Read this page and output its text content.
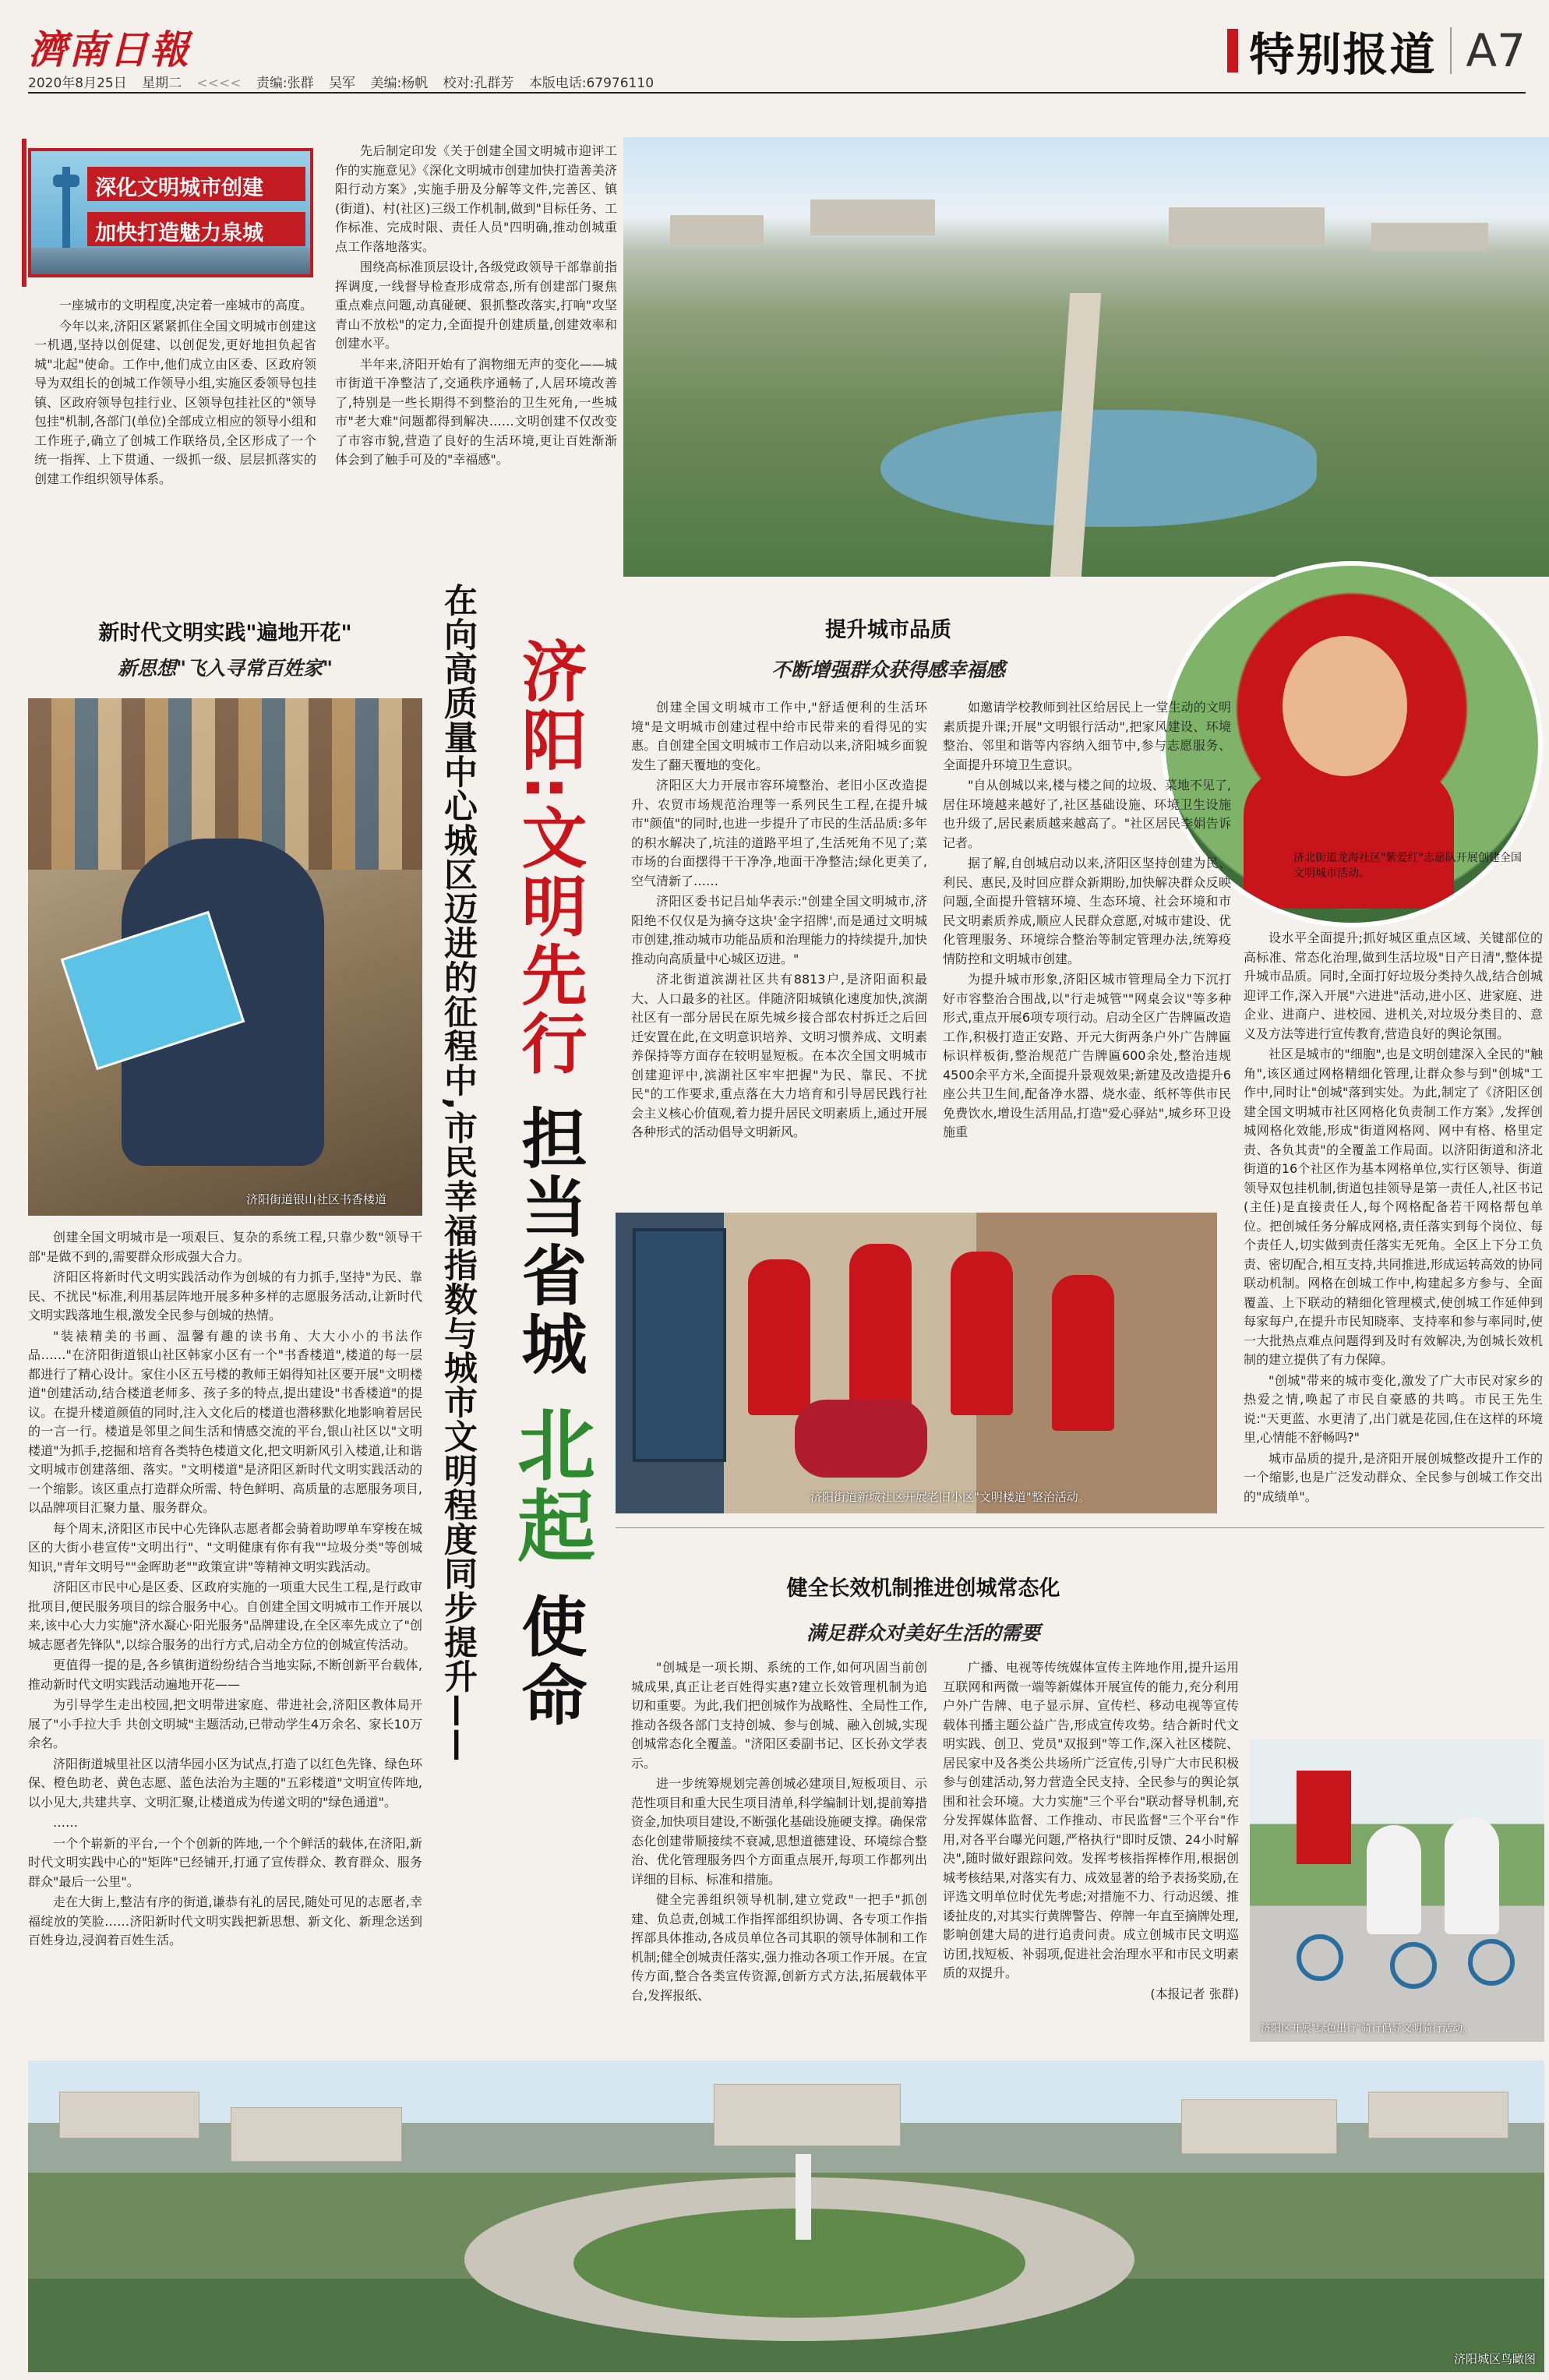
濟南日報
2020年8月25日 星期二 <<<< 责编:张群 吴军 美编:杨帆 校对:孔群芳 本版电话:67976110
特别报道 A7
深化文明城市创建
加快打造魅力泉城

一座城市的文明程度,决定着一座城市的高度。

今年以来,济阳区紧紧抓住全国文明城市创建这一机遇,坚持以创促建、以创促发,更好地担负起省城"北起"使命。工作中,他们成立由区委、区政府领导为双组长的创城工作领导小组,实施区委领导包挂镇、区政府领导包挂行业、区领导包挂社区的"领导包挂"机制,各部门(单位)全部成立相应的领导小组和工作班子,确立了创城工作联络员,全区形成了一个统一指挥、上下贯通、一级抓一级、层层抓落实的创建工作组织领导体系。

先后制定印发《关于创建全国文明城市迎评工作的实施意见》《深化文明城市创建加快打造善美济阳行动方案》,实施手册及分解等文件,完善区、镇(街道)、村(社区)三级工作机制,做到"目标任务、工作标准、完成时限、责任人员"四明确,推动创城重点工作落地落实。

围绕高标准顶层设计,各级党政领导干部靠前指挥调度,一线督导检查形成常态,所有创建部门聚焦重点难点问题,动真碰硬、狠抓整改落实,打响"攻坚青山不放松"的定力,全面提升创建质量,创建效率和创建水平。

半年来,济阳开始有了润物细无声的变化——城市街道干净整洁了,交通秩序通畅了,人居环境改善了,特别是一些长期得不到整治的卫生死角,一些城市"老大难"问题都得到解决……文明创建不仅改变了市容市貌,营造了良好的生活环境,更让百姓渐渐体会到了触手可及的"幸福感"。

在向高质量中心城区迈进的征程中,市民幸福指数与城市文明程度同步提升—— 济阳:文明先行 担当省城 北起 使命
新时代文明实践"遍地开花"
新思想"飞入寻常百姓家"
济阳街道银山社区书香楼道

创建全国文明城市是一项艰巨、复杂的系统工程,只靠少数"领导干部"是做不到的,需要群众形成强大合力。

济阳区将新时代文明实践活动作为创城的有力抓手,坚持"为民、靠民、不扰民"标准,利用基层阵地开展多种多样的志愿服务活动,让新时代文明实践落地生根,激发全民参与创城的热情。

"装裱精美的书画、温馨有趣的读书角、大大小小的书法作品……"在济阳街道银山社区韩家小区有一个"书香楼道",楼道的每一层都进行了精心设计。家住小区五号楼的教师王娟得知社区要开展"文明楼道"创建活动,结合楼道老师多、孩子多的特点,提出建设"书香楼道"的提议。在提升楼道颜值的同时,注入文化后的楼道也潜移默化地影响着居民的一言一行。楼道是邻里之间生活和情感交流的平台,银山社区以"文明楼道"为抓手,挖掘和培育各类特色楼道文化,把文明新风引入楼道,让和谐文明城市创建落细、落实。"文明楼道"是济阳区新时代文明实践活动的一个缩影。该区重点打造群众所需、特色鲜明、高质量的志愿服务项目,以品牌项目汇聚力量、服务群众。

每个周末,济阳区市民中心先锋队志愿者都会骑着助啰单车穿梭在城区的大街小巷宣传"文明出行"、"文明健康有你有我""垃圾分类"等创城知识,"青年文明号""金晖助老""政策宣讲"等精神文明实践活动。

济阳区市民中心是区委、区政府实施的一项重大民生工程,是行政审批项目,便民服务项目的综合服务中心。自创建全国文明城市工作开展以来,该中心大力实施"济水凝心·阳光服务"品牌建设,在全区率先成立了"创城志愿者先锋队",以综合服务的出行方式,启动全方位的创城宣传活动。

更值得一提的是,各乡镇街道纷纷结合当地实际,不断创新平台载体,推动新时代文明实践活动遍地开花——

为引导学生走出校园,把文明带进家庭、带进社会,济阳区教体局开展了"小手拉大手 共创文明城"主题活动,已带动学生4万余名、家长10万余名。

济阳街道城里社区以清华园小区为试点,打造了以红色先锋、绿色环保、橙色助老、黄色志愿、蓝色法治为主题的"五彩楼道"文明宣传阵地,以小见大,共建共享、文明汇聚,让楼道成为传递文明的"绿色通道"。

……

一个个崭新的平台,一个个创新的阵地,一个个鲜活的载体,在济阳,新时代文明实践中心的"矩阵"已经铺开,打通了宣传群众、教育群众、服务群众"最后一公里"。

走在大街上,整洁有序的街道,谦恭有礼的居民,随处可见的志愿者,幸福绽放的笑脸……济阳新时代文明实践把新思想、新文化、新理念送到百姓身边,浸润着百姓生活。

提升城市品质
不断增强群众获得感幸福感
济北街道龙海社区"紫爱红"志愿队开展创建全国文明城市活动。

创建全国文明城市工作中,"舒适便利的生活环境"是文明城市创建过程中给市民带来的看得见的实惠。自创建全国文明城市工作启动以来,济阳城乡面貌发生了翻天覆地的变化。

济阳区大力开展市容环境整治、老旧小区改造提升、农贸市场规范治理等一系列民生工程,在提升城市"颜值"的同时,也进一步提升了市民的生活品质:多年的积水解决了,坑洼的道路平坦了,生活死角不见了;菜市场的台面摆得干干净净,地面干净整洁;绿化更美了,空气清新了……

济阳区委书记吕灿华表示:"创建全国文明城市,济阳绝不仅仅是为摘夺这块'金字招牌',而是通过文明城市创建,推动城市功能品质和治理能力的持续提升,加快推动向高质量中心城区迈进。"

济北街道滨湖社区共有8813户,是济阳面积最大、人口最多的社区。伴随济阳城镇化速度加快,滨湖社区有一部分居民在原先城乡接合部农村拆迁之后回迁安置在此,在文明意识培养、文明习惯养成、文明素养保持等方面存在较明显短板。在本次全国文明城市创建迎评中,滨湖社区牢牢把握"为民、靠民、不扰民"的工作要求,重点落在大力培育和引导居民践行社会主义核心价值观,着力提升居民文明素质上,通过开展各种形式的活动倡导文明新风。

如邀请学校教师到社区给居民上一堂生动的文明素质提升课;开展"文明银行活动",把家风建设、环境整治、邻里和谐等内容纳入细节中,参与志愿服务、全面提升环境卫生意识。

"自从创城以来,楼与楼之间的垃圾、菜地不见了,居住环境越来越好了,社区基础设施、环境卫生设施也升级了,居民素质越来越高了。"社区居民李娟告诉记者。

据了解,自创城启动以来,济阳区坚持创建为民、利民、惠民,及时回应群众新期盼,加快解决群众反映问题,全面提升管辖环境、生态环境、社会环境和市民文明素质养成,顺应人民群众意愿,对城市建设、优化管理服务、环境综合整治等制定管理办法,统筹疫情防控和文明城市创建。

为提升城市形象,济阳区城市管理局全力下沉打好市容整治合围战,以"行走城管""网桌会议"等多种形式,重点开展6项专项行动。启动全区广告牌匾改造工作,积极打造正安路、开元大街两条户外广告牌匾标识样板街,整治规范广告牌匾600余处,整治违规4500余平方米,全面提升景观效果;新建及改造提升6座公共卫生间,配备净水器、烧水壶、纸杯等供市民免费饮水,增设生活用品,打造"爱心驿站",城乡环卫设施重

设水平全面提升;抓好城区重点区域、关键部位的高标准、常态化治理,做到生活垃圾"日产日清",整体提升城市品质。同时,全面打好垃圾分类持久战,结合创城迎评工作,深入开展"六进进"活动,进小区、进家庭、进企业、进商户、进校园、进机关,对垃圾分类目的、意义及方法等进行宣传教育,营造良好的舆论氛围。

社区是城市的"细胞",也是文明创建深入全民的"触角",该区通过网格精细化管理,让群众参与到"创城"工作中,同时让"创城"落到实处。为此,制定了《济阳区创建全国文明城市社区网格化负责制工作方案》,发挥创城网格化效能,形成"街道网格网、网中有格、格里定责、各负其责"的全覆盖工作局面。以济阳街道和济北街道的16个社区作为基本网格单位,实行区领导、街道领导双包挂机制,街道包挂领导是第一责任人,社区书记(主任)是直接责任人,每个网格配备若干网格帮包单位。把创城任务分解成网格,责任落实到每个岗位、每个责任人,切实做到责任落实无死角。全区上下分工负责、密切配合,相互支持,共同推进,形成运转高效的协同联动机制。网格在创城工作中,构建起多方参与、全面覆盖、上下联动的精细化管理模式,使创城工作延伸到每家每户,在提升市民知晓率、支持率和参与率同时,使一大批热点难点问题得到及时有效解决,为创城长效机制的建立提供了有力保障。

"创城"带来的城市变化,激发了广大市民对家乡的热爱之情,唤起了市民自豪感的共鸣。市民王先生说:"天更蓝、水更清了,出门就是花园,住在这样的环境里,心情能不舒畅吗?"

城市品质的提升,是济阳开展创城整改提升工作的一个缩影,也是广泛发动群众、全民参与创城工作交出的"成绩单"。

济阳街道新城社区开展老旧小区"文明楼道"整治活动。
健全长效机制推进创城常态化
满足群众对美好生活的需要

"创城是一项长期、系统的工作,如何巩固当前创城成果,真正让老百姓得实惠?建立长效管理机制为追切和重要。为此,我们把创城作为战略性、全局性工作,推动各级各部门支持创城、参与创城、融入创城,实现创城常态化全覆盖。"济阳区委副书记、区长孙文学表示。

进一步统筹规划完善创城必建项目,短板项目、示范性项目和重大民生项目清单,科学编制计划,提前筹措资金,加快项目建设,不断强化基础设施硬支撑。确保常态化创建带顺接续不衰减,思想道德建设、环境综合整治、优化管理服务四个方面重点展开,每项工作都列出详细的目标、标准和措施。

健全完善组织领导机制,建立党政"一把手"抓创建、负总责,创城工作指挥部组织协调、各专项工作指挥部具体推动,各成员单位各司其职的领导体制和工作机制;健全创城责任落实,强力推动各项工作开展。在宣传方面,整合各类宣传资源,创新方式方法,拓展载体平台,发挥报纸、

广播、电视等传统媒体宣传主阵地作用,提升运用互联网和两微一端等新媒体开展宣传的能力,充分利用户外广告牌、电子显示屏、宣传栏、移动电视等宣传载体刊播主题公益广告,形成宣传攻势。结合新时代文明实践、创卫、党员"双报到"等工作,深入社区楼院、居民家中及各类公共场所广泛宣传,引导广大市民积极参与创建活动,努力营造全民支持、全民参与的舆论氛围和社会环境。大力实施"三个平台"联动督导机制,充分发挥媒体监督、工作推动、市民监督"三个平台"作用,对各平台曝光问题,严格执行"即时反馈、24小时解决",随时做好跟踪问效。发挥考核指挥棒作用,根据创城考核结果,对落实有力、成效显著的给予表扬奖励,在评选文明单位时优先考虑;对措施不力、行动迟缓、推诿扯皮的,对其实行黄牌警告、停牌一年直至摘牌处理,影响创建大局的进行追责问责。成立创城市民文明巡访团,找短板、补弱项,促进社会治理水平和市民文明素质的双提升。

(本报记者 张群)

济阳区开展"绿色出行"骑行倡导文明骑行活动。
济阳城区鸟瞰图
